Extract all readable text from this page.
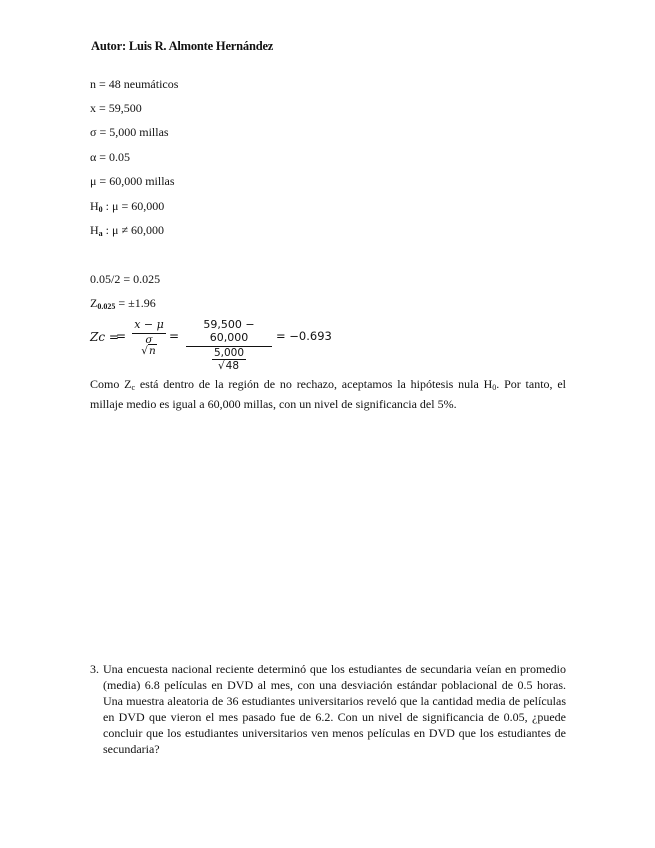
Autor: Luis R. Almonte Hernández
n = 48 neumáticos
x = 59,500
σ = 5,000 millas
α = 0.05
μ = 60,000 millas
$H_0$ : μ = 60,000
$H_a$ : μ ≠ 60,000
0.05/2 = 0.025
$Z_{0.025} = \pm 1.96$
Zc =
x − μ
σ
√n
=	=
59,500 − 60,000
5,000
√48
= −0.693
Como $Z_c$ está dentro de la región de no rechazo, aceptamos la hipótesis nula $H_0$. Por tanto, el millaje medio es igual a 60,000 millas, con un nivel de significancia del 5%.
3. Una encuesta nacional reciente determinó que los estudiantes de secundaria veían en promedio (media) 6.8 películas en DVD al mes, con una desviación estándar poblacional de 0.5 horas. Una muestra aleatoria de 36 estudiantes universitarios reveló que la cantidad media de películas en DVD que vieron el mes pasado fue de 6.2. Con un nivel de significancia de 0.05, ¿puede concluir que los estudiantes universitarios ven menos películas en DVD que los estudiantes de secundaria?
